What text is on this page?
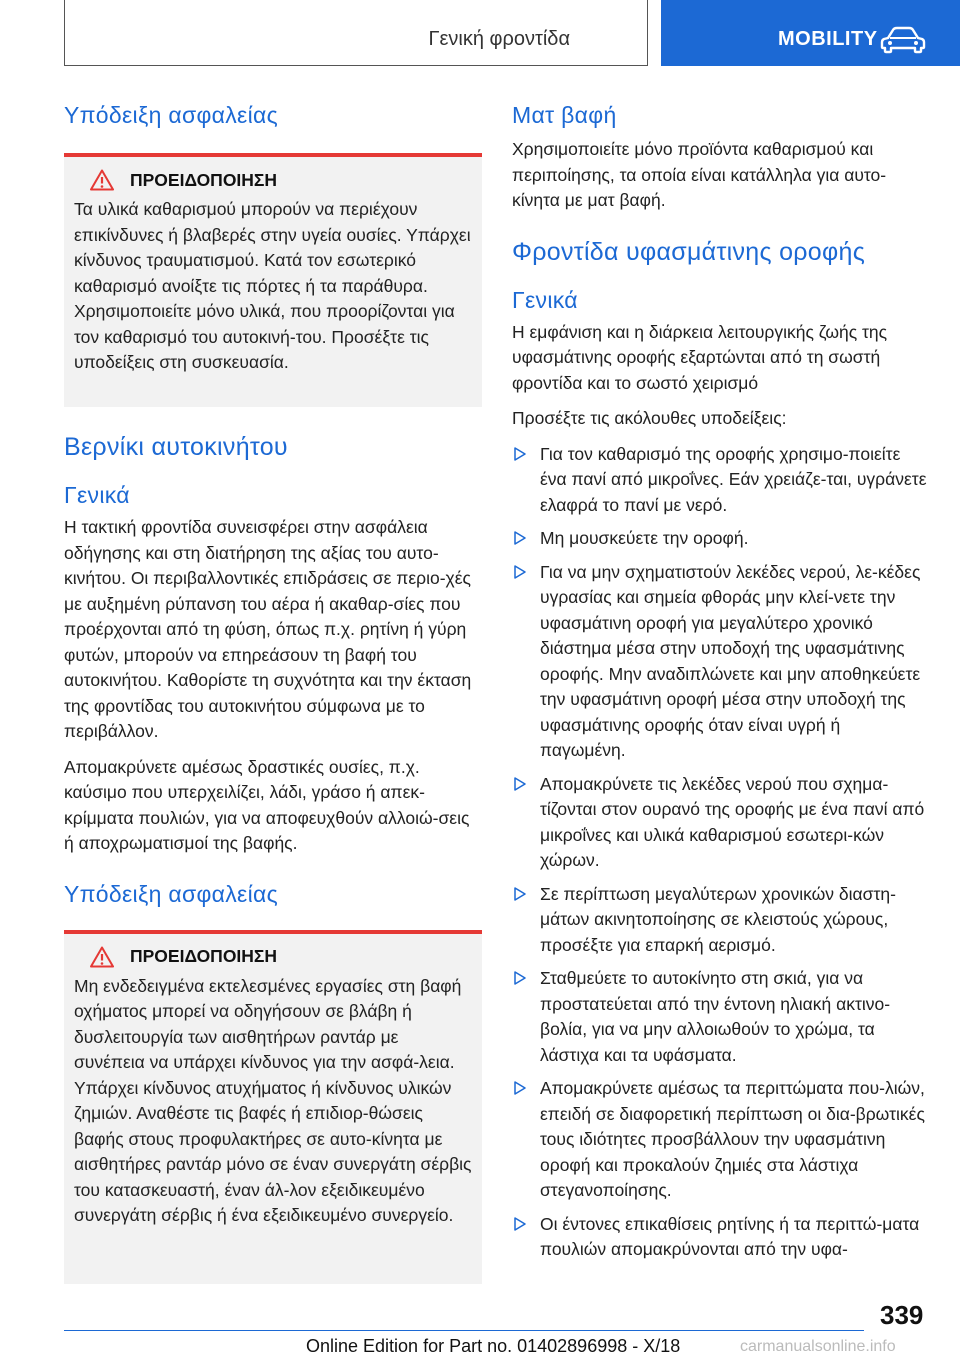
Γενική φροντίδα	MOBILITY
Υπόδειξη ασφαλείας
ΠΡΟΕΙΔΟΠΟΙΗΣΗ
Τα υλικά καθαρισμού μπορούν να περιέχουν επικίνδυνες ή βλαβερές στην υγεία ουσίες. Υπάρχει κίνδυνος τραυματισμού. Κατά τον εσωτερικό καθαρισμό ανοίξτε τις πόρτες ή τα παράθυρα. Χρησιμοποιείτε μόνο υλικά, που προορίζονται για τον καθαρισμό του αυτοκινή-του. Προσέξτε τις υποδείξεις στη συσκευασία.
Βερνίκι αυτοκινήτου
Γενικά
Η τακτική φροντίδα συνεισφέρει στην ασφάλεια οδήγησης και στη διατήρηση της αξίας του αυτο-κινήτου. Οι περιβαλλοντικές επιδράσεις σε περιο-χές με αυξημένη ρύπανση του αέρα ή ακαθαρ-σίες που προέρχονται από τη φύση, όπως π.χ. ρητίνη ή γύρη φυτών, μπορούν να επηρεάσουν τη βαφή του αυτοκινήτου. Καθορίστε τη συχνότητα και την έκταση της φροντίδας του αυτοκινήτου σύμφωνα με το περιβάλλον.
Απομακρύνετε αμέσως δραστικές ουσίες, π.χ. καύσιμο που υπερχειλίζει, λάδι, γράσο ή απεκ-κρίμματα πουλιών, για να αποφευχθούν αλλοιώ-σεις ή αποχρωματισμοί της βαφής.
Υπόδειξη ασφαλείας
ΠΡΟΕΙΔΟΠΟΙΗΣΗ
Μη ενδεδειγμένα εκτελεσμένες εργασίες στη βαφή οχήματος μπορεί να οδηγήσουν σε βλάβη ή δυσλειτουργία των αισθητήρων ραντάρ με συνέπεια να υπάρχει κίνδυνος για την ασφά-λεια. Υπάρχει κίνδυνος ατυχήματος ή κίνδυνος υλικών ζημιών. Αναθέστε τις βαφές ή επιδιορ-θώσεις βαφής στους προφυλακτήρες σε αυτο-κίνητα με αισθητήρες ραντάρ μόνο σε έναν συνεργάτη σέρβις του κατασκευαστή, έναν άλ-λον εξειδικευμένο συνεργάτη σέρβις ή ένα εξειδικευμένο συνεργείο.
Ματ βαφή
Χρησιμοποιείτε μόνο προϊόντα καθαρισμού και περιποίησης, τα οποία είναι κατάλληλα για αυτο-κίνητα με ματ βαφή.
Φροντίδα υφασμάτινης οροφής
Γενικά
Η εμφάνιση και η διάρκεια λειτουργικής ζωής της υφασμάτινης οροφής εξαρτώνται από τη σωστή φροντίδα και το σωστό χειρισμό
Προσέξτε τις ακόλουθες υποδείξεις:
Για τον καθαρισμό της οροφής χρησιμο-ποιείτε ένα πανί από μικροΐνες. Εάν χρειάζε-ται, υγράνετε ελαφρά το πανί με νερό.
Μη μουσκεύετε την οροφή.
Για να μην σχηματιστούν λεκέδες νερού, λε-κέδες υγρασίας και σημεία φθοράς μην κλεί-νετε την υφασμάτινη οροφή για μεγαλύτερο χρονικό διάστημα μέσα στην υποδοχή της υφασμάτινης οροφής. Μην αναδιπλώνετε και μην αποθηκεύετε την υφασμάτινη οροφή μέσα στην υποδοχή της υφασμάτινης οροφής όταν είναι υγρή ή παγωμένη.
Απομακρύνετε τις λεκέδες νερού που σχημα-τίζονται στον ουρανό της οροφής με ένα πανί από μικροΐνες και υλικά καθαρισμού εσωτερι-κών χώρων.
Σε περίπτωση μεγαλύτερων χρονικών διαστη-μάτων ακινητοποίησης σε κλειστούς χώρους, προσέξτε για επαρκή αερισμό.
Σταθμεύετε το αυτοκίνητο στη σκιά, για να προστατεύεται από την έντονη ηλιακή ακτινο-βολία, για να μην αλλοιωθούν το χρώμα, τα λάστιχα και τα υφάσματα.
Απομακρύνετε αμέσως τα περιττώματα που-λιών, επειδή σε διαφορετική περίπτωση οι δια-βρωτικές τους ιδιότητες προσβάλλουν την υφασμάτινη οροφή και προκαλούν ζημιές στα λάστιχα στεγανοποίησης.
Οι έντονες επικαθίσεις ρητίνης ή τα περιττώ-ματα πουλιών απομακρύνονται από την υφα-
339
Online Edition for Part no. 01402896998 - X/18	carmanualsonline.info
